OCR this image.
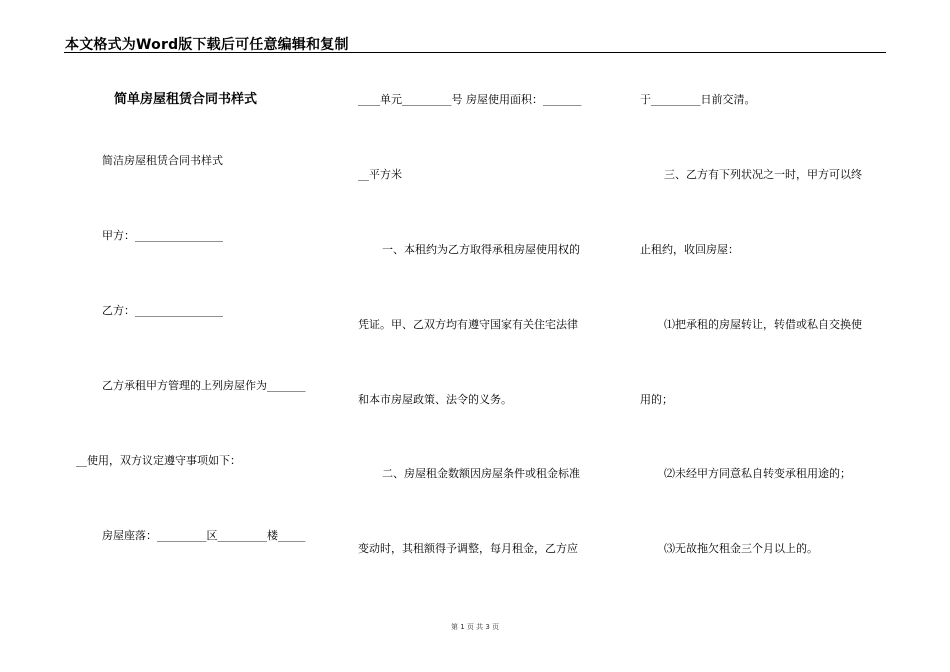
本文格式为Word版下载后可任意编辑和复制
简单房屋租赁合同书样式
简洁房屋租赁合同书样式
甲方：________________
乙方：________________
乙方承租甲方管理的上列房屋作为_______
__使用，双方议定遵守事项如下：
房屋座落：_________区_________楼_____
____单元_________号 房屋使用面积：_______
__平方米
一、本租约为乙方取得承租房屋使用权的
凭证。甲、乙双方均有遵守国家有关住宅法律
和本市房屋政策、法令的义务。
二、房屋租金数额因房屋条件或租金标准
变动时，其租额得予调整，每月租金，乙方应
于_________日前交清。
三、乙方有下列状况之一时，甲方可以终
止租约，收回房屋：
⑴把承租的房屋转让，转借或私自交换使
用的；
⑵未经甲方同意私自转变承租用途的；
⑶无故拖欠租金三个月以上的。
第 1 页 共 3 页
